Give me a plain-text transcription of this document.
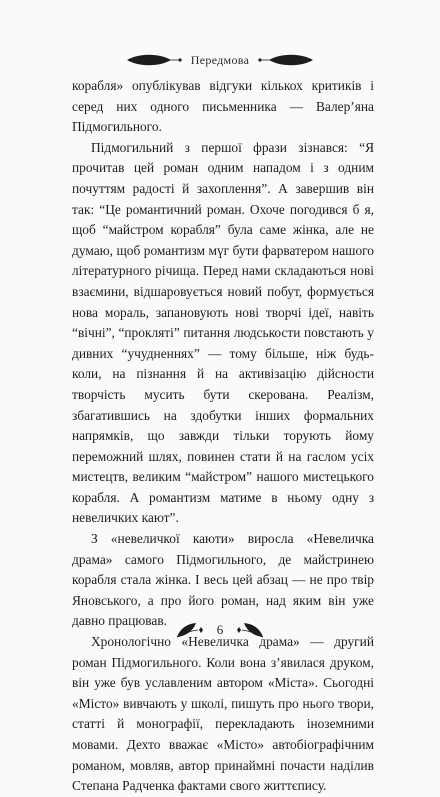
Передмова

корабля» опублікував відгуки кількох критиків і серед них одного письменника — Валер’яна Підмогильного.

Підмогильний з першої фрази зізнався: “Я прочитав цей роман одним нападом і з одним почуттям радості й захоплення”. А завершив він так: “Це романтичний роман. Охоче погодився б я, щоб “майстром корабля” була саме жінка, але не думаю, щоб романтизм мүг бути фарватером нашого літературного річища. Перед нами складаються нові взаємини, відшаровується новий побут, формується нова мораль, запановують нові творчі ідеї, навіть “вічні”, “прокляті” питання людськости повстають у дивних “учудненнях” — тому більше, ніж будь-коли, на пізнання й на активізацію дійсности творчість мусить бути скерована. Реалізм, збагатившись на здобутки інших формальних напрямків, що завжди тільки торують йому переможний шлях, повинен стати й на гаслом усіх мистецтв, великим “майстром” нашого мистецького корабля. А романтизм матиме в ньому одну з невеличких кают”.

З «невеличкої каюти» виросла «Невеличка драма» самого Підмогильного, де майстринею корабля стала жінка. І весь цей абзац — не про твір Яновського, а про його роман, над яким він уже давно працював.

Хронологічно «Невеличка драма» — другий роман Підмогильного. Коли вона з’явилася друком, він уже був уславленим автором «Міста». Сьогодні «Місто» вивчають у школі, пишуть про нього твори, статті й монографії, перекладають іноземними мовами. Дехто вважає «Місто» автобіографічним романом, мовляв, автор принаймні почасти наділив Степана Радченка фактами свого життєпису.

6
